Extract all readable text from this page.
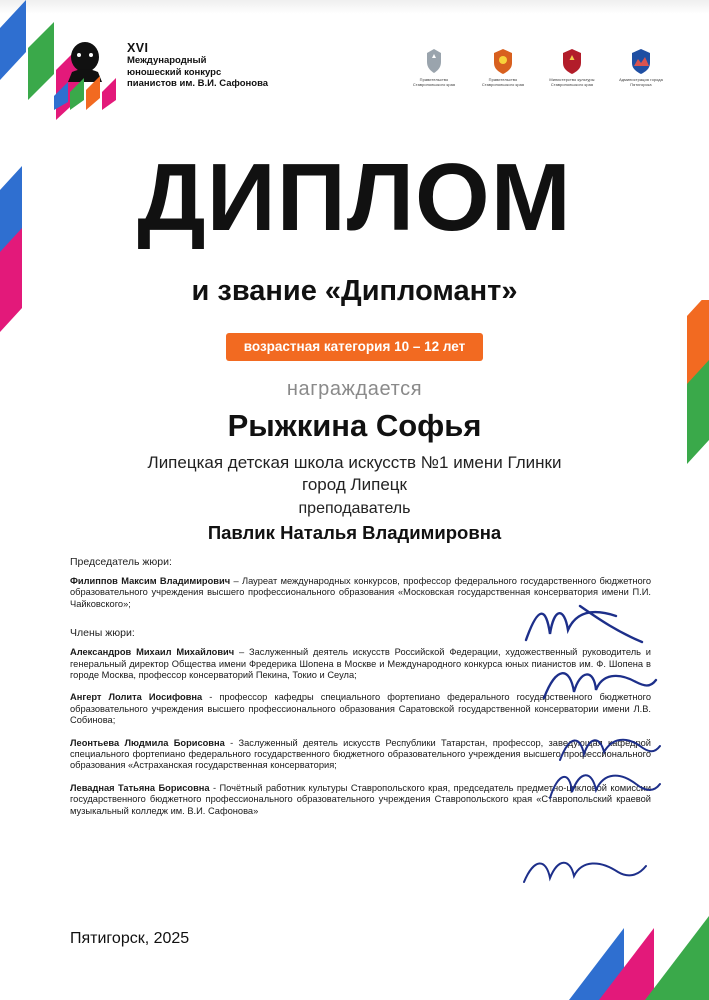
XVI
Международный
юношеский конкурс
пианистов им. В.И. Сафонова	Правительство Ставропольского края
Правительство Ставропольского края
Министерство культуры Ставропольского края
Администрация города Пятигорска
ДИПЛОМ
и звание «Дипломант»
возрастная категория 10 – 12 лет
награждается
Рыжкина Софья
Липецкая детская школа искусств №1 имени Глинки
город Липецк
преподаватель
Павлик Наталья Владимировна
Председатель жюри:
Филиппов Максим Владимирович – Лауреат международных конкурсов, профессор федерального государственного бюджетного образовательного учреждения высшего профессионального образования «Московская государственная консерватория имени П.И. Чайковского»;
Члены жюри:
Александров Михаил Михайлович – Заслуженный деятель искусств Российской Федерации, художественный руководитель и генеральный директор Общества имени Фредерика Шопена в Москве и Международного конкурса юных пианистов им. Ф. Шопена в городе Москва, профессор консерваторий Пекина, Токио и Сеула;
Ангерт Лолита Иосифовна - профессор кафедры специального фортепиано федерального государственного бюджетного образовательного учреждения высшего профессионального образования Саратовской государственной консерватории имени Л.В. Собинова;
Леонтьева Людмила Борисовна - Заслуженный деятель искусств Республики Татарстан, профессор, заведующая кафедрой специального фортепиано федерального государственного бюджетного образовательного учреждения высшего профессионального образования «Астраханская государственная консерватория;
Левадная Татьяна Борисовна - Почётный работник культуры Ставропольского края, председатель предметно-цикловой комиссии государственного бюджетного профессионального образовательного учреждения Ставропольского края «Ставропольский краевой музыкальный колледж им. В.И. Сафонова»
Пятигорск, 2025
